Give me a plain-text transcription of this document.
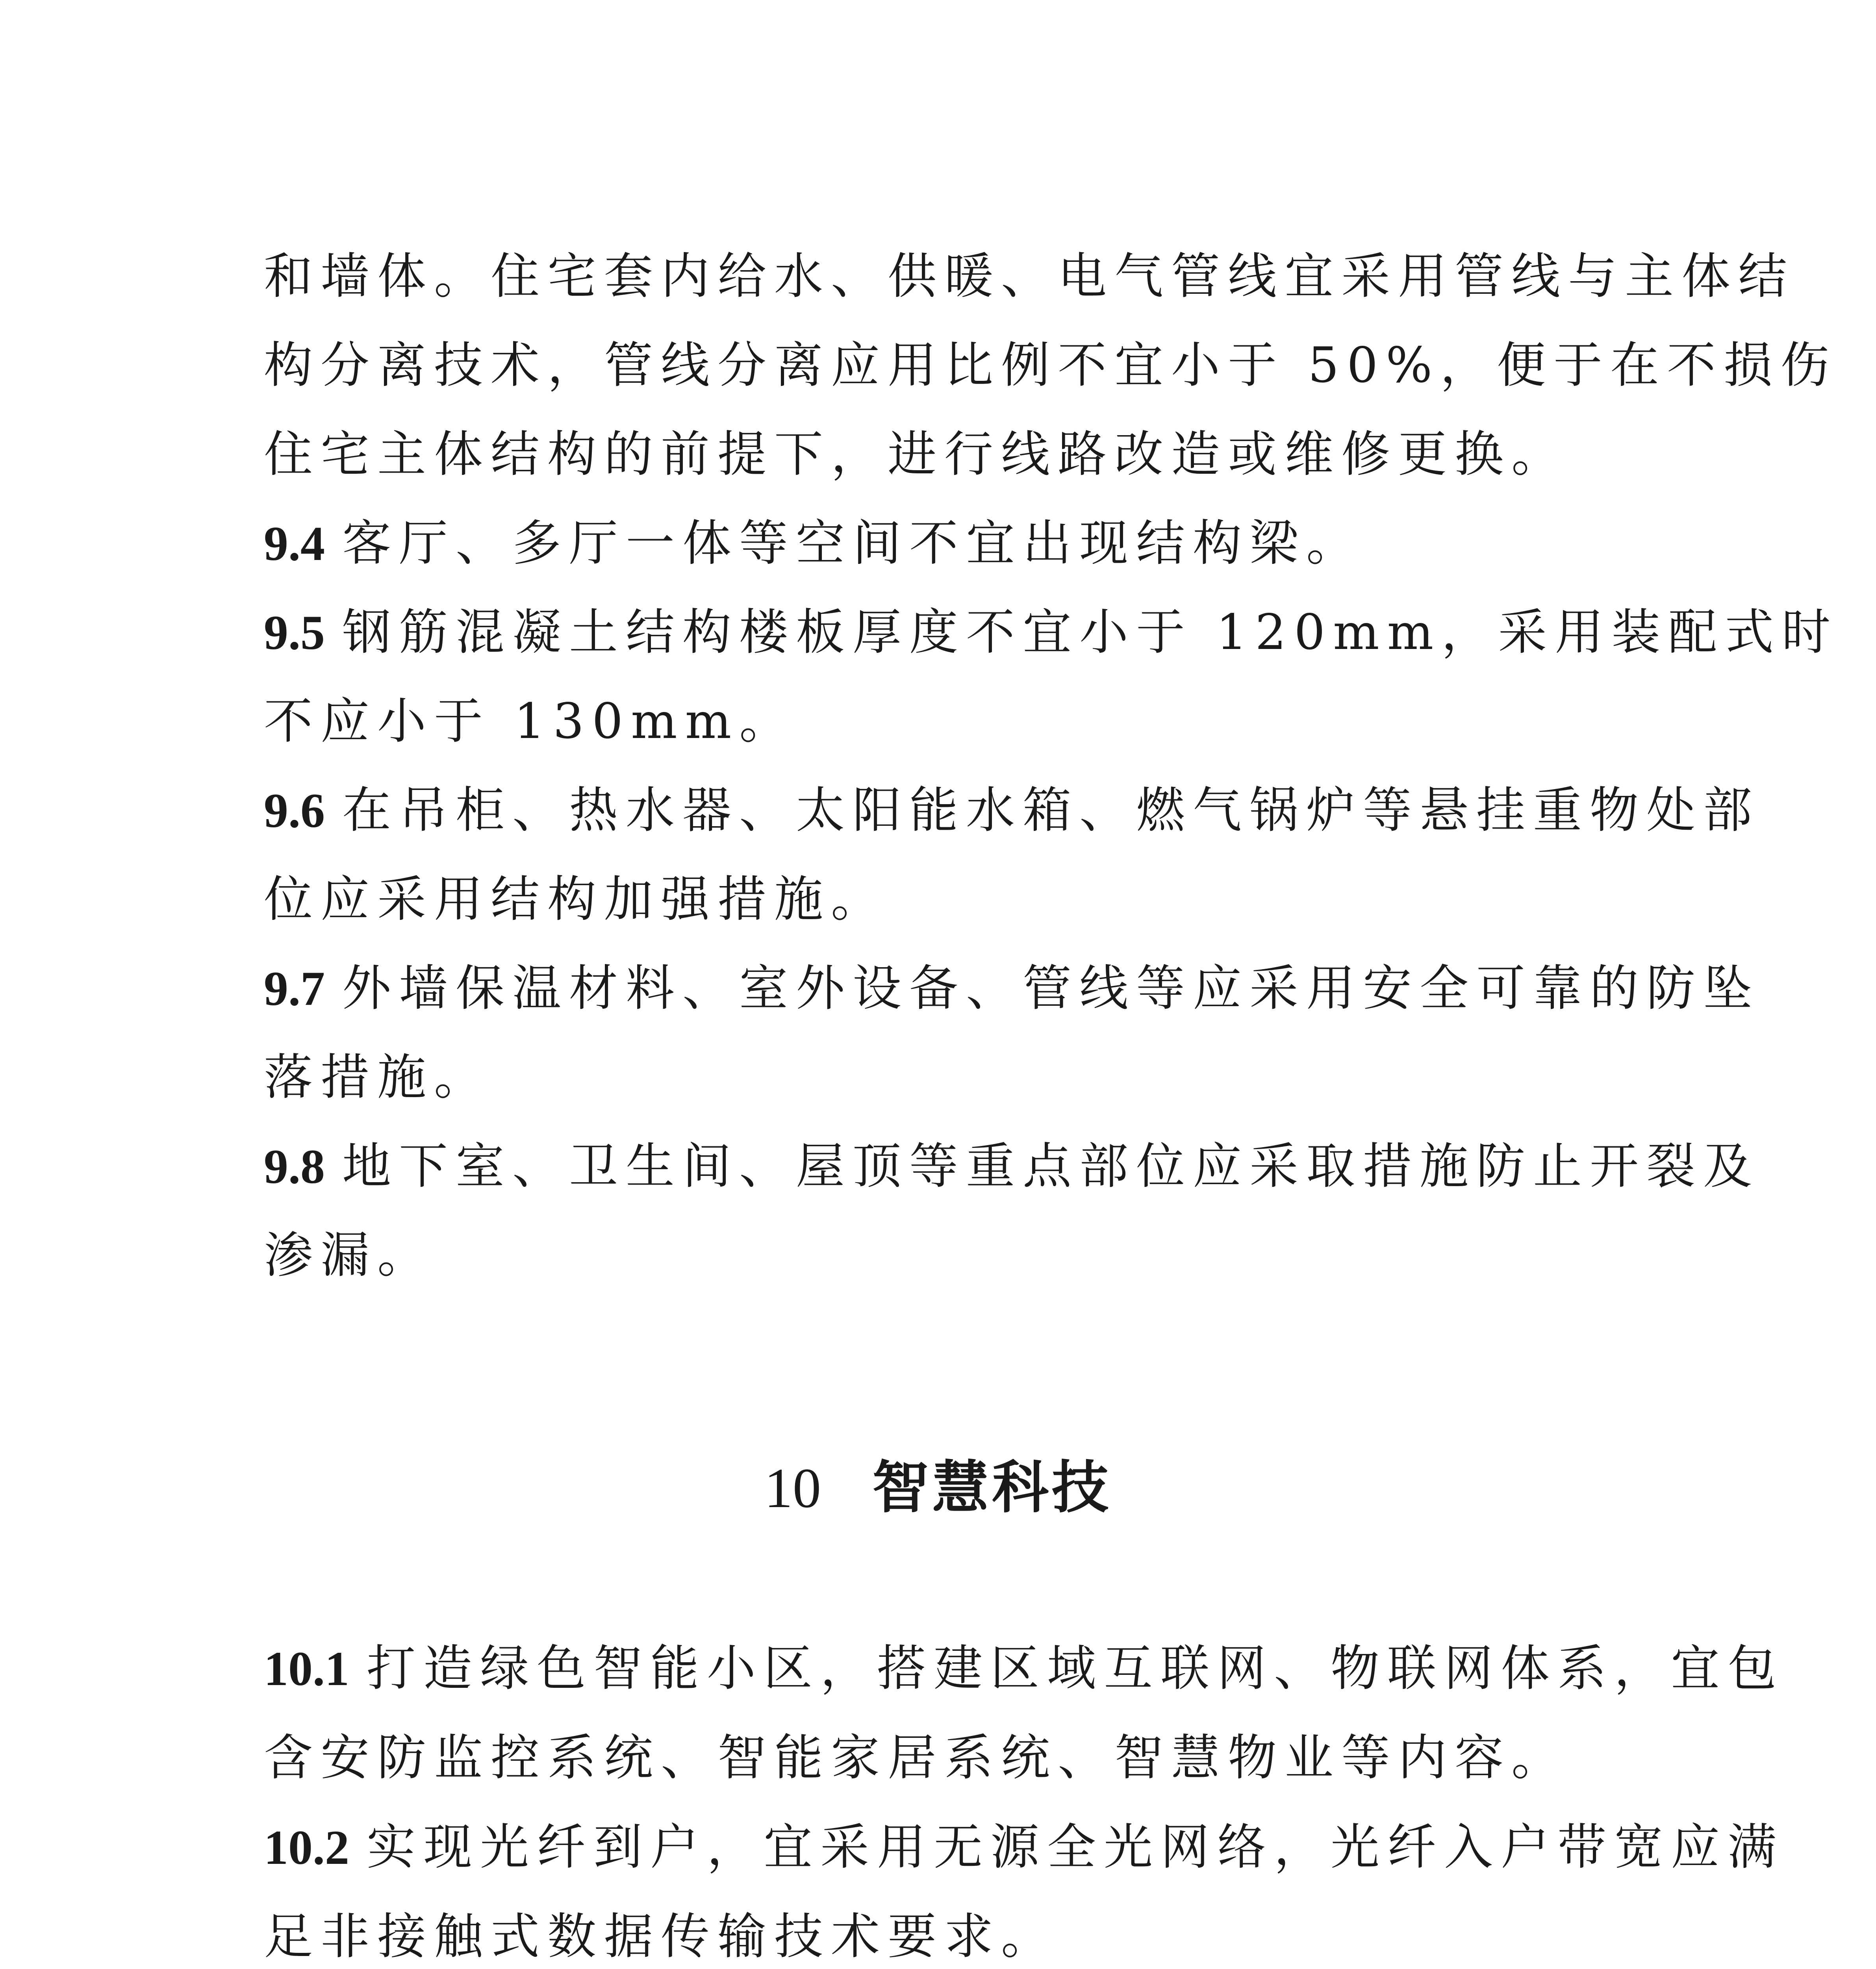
和墙体。住宅套内给水、供暖、电气管线宜采用管线与主体结
构分离技术，管线分离应用比例不宜小于 50%，便于在不损伤
住宅主体结构的前提下，进行线路改造或维修更换。
9.4 客厅、多厅一体等空间不宜出现结构梁。
9.5 钢筋混凝土结构楼板厚度不宜小于 120mm，采用装配式时
不应小于 130mm。
9.6 在吊柜、热水器、太阳能水箱、燃气锅炉等悬挂重物处部
位应采用结构加强措施。
9.7 外墙保温材料、室外设备、管线等应采用安全可靠的防坠
落措施。
9.8 地下室、卫生间、屋顶等重点部位应采取措施防止开裂及
渗漏。
10 智慧科技
10.1 打造绿色智能小区，搭建区域互联网、物联网体系，宜包
含安防监控系统、智能家居系统、智慧物业等内容。
10.2 实现光纤到户，宜采用无源全光网络，光纤入户带宽应满
足非接触式数据传输技术要求。
